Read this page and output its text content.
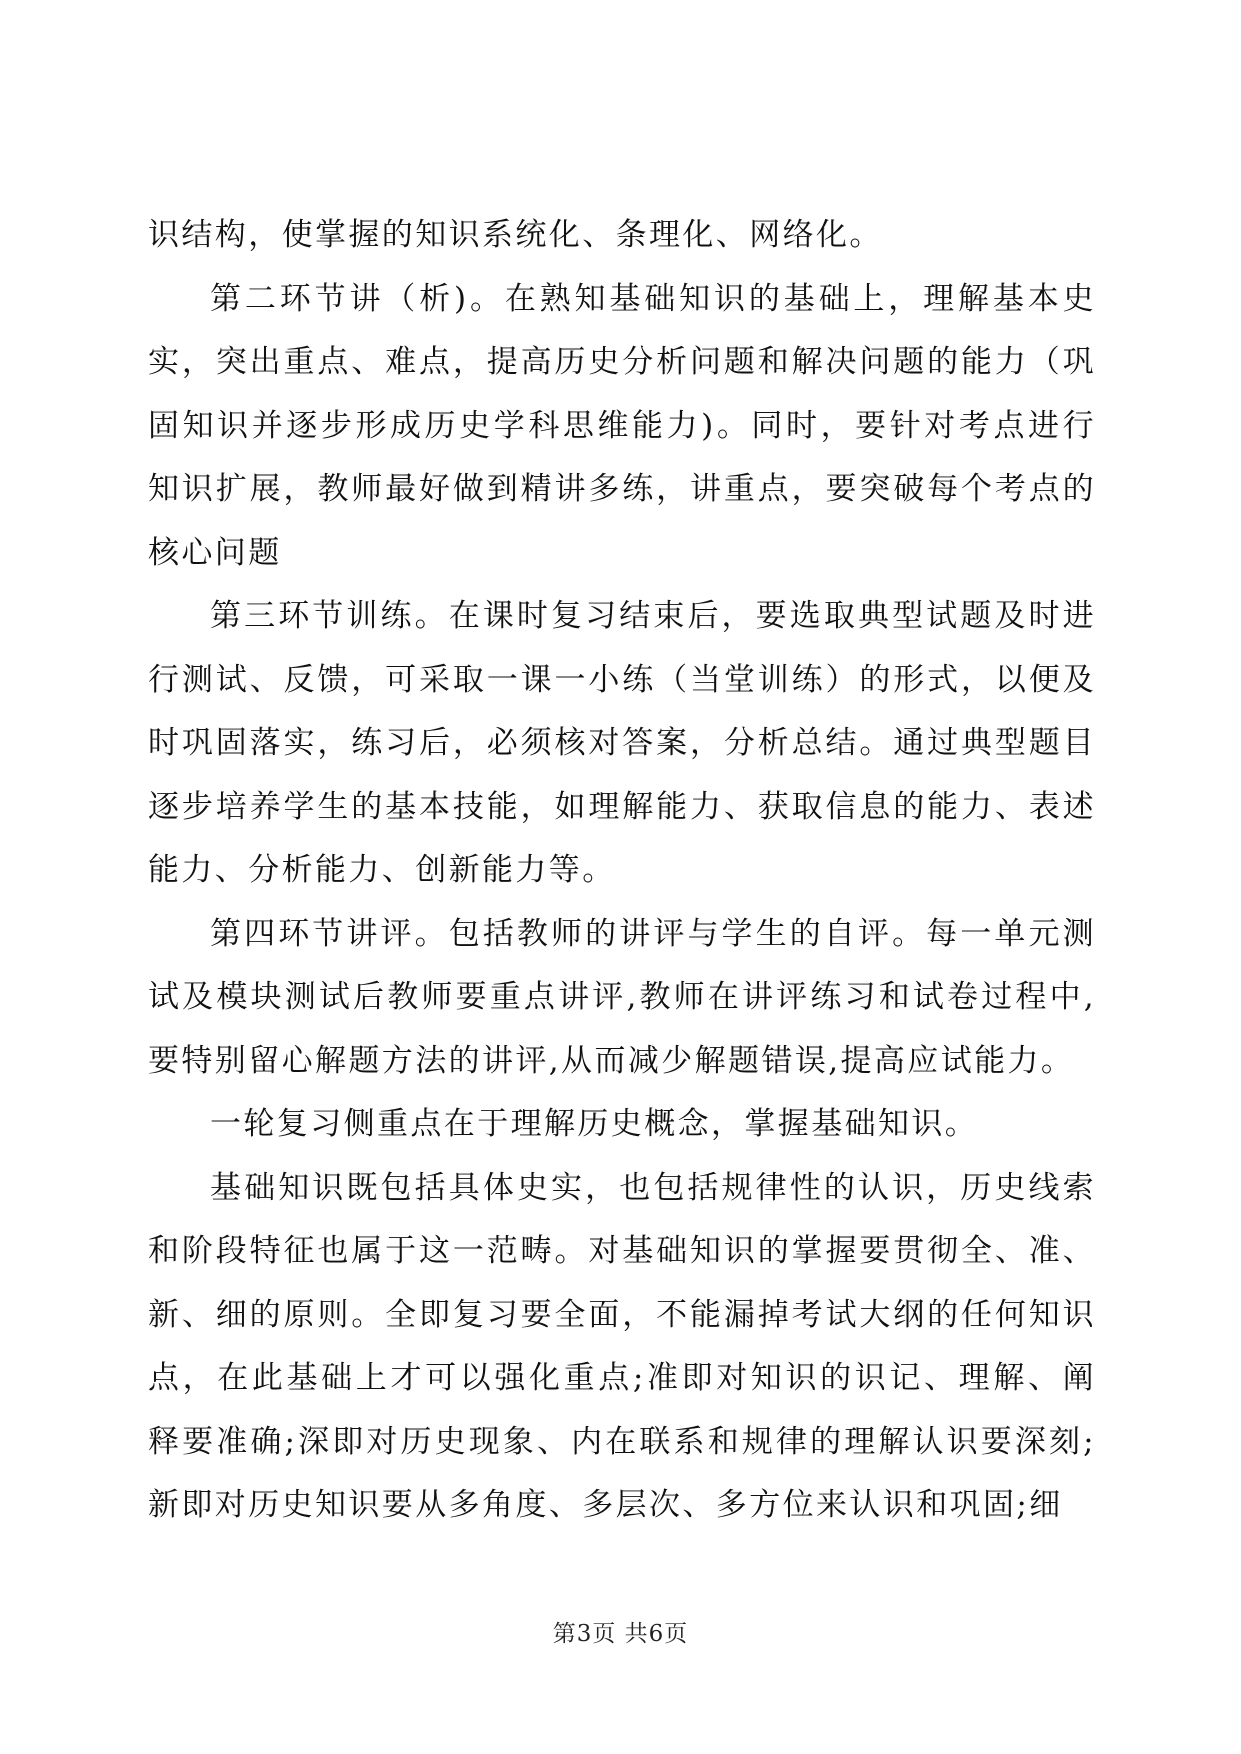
识结构，使掌握的知识系统化、条理化、网络化。

第二环节讲（析)。在熟知基础知识的基础上，理解基本史实，突出重点、难点，提高历史分析问题和解决问题的能力（巩固知识并逐步形成历史学科思维能力)。同时，要针对考点进行知识扩展，教师最好做到精讲多练，讲重点，要突破每个考点的核心问题

第三环节训练。在课时复习结束后，要选取典型试题及时进行测试、反馈，可采取一课一小练（当堂训练）的形式，以便及时巩固落实，练习后，必须核对答案，分析总结。通过典型题目逐步培养学生的基本技能，如理解能力、获取信息的能力、表述能力、分析能力、创新能力等。

第四环节讲评。包括教师的讲评与学生的自评。每一单元测试及模块测试后教师要重点讲评,教师在讲评练习和试卷过程中,要特别留心解题方法的讲评,从而减少解题错误,提高应试能力。

一轮复习侧重点在于理解历史概念，掌握基础知识。

基础知识既包括具体史实，也包括规律性的认识，历史线索和阶段特征也属于这一范畴。对基础知识的掌握要贯彻全、准、新、细的原则。全即复习要全面，不能漏掉考试大纲的任何知识点，在此基础上才可以强化重点;准即对知识的识记、理解、阐释要准确;深即对历史现象、内在联系和规律的理解认识要深刻;新即对历史知识要从多角度、多层次、多方位来认识和巩固;细

第3页 共6页
